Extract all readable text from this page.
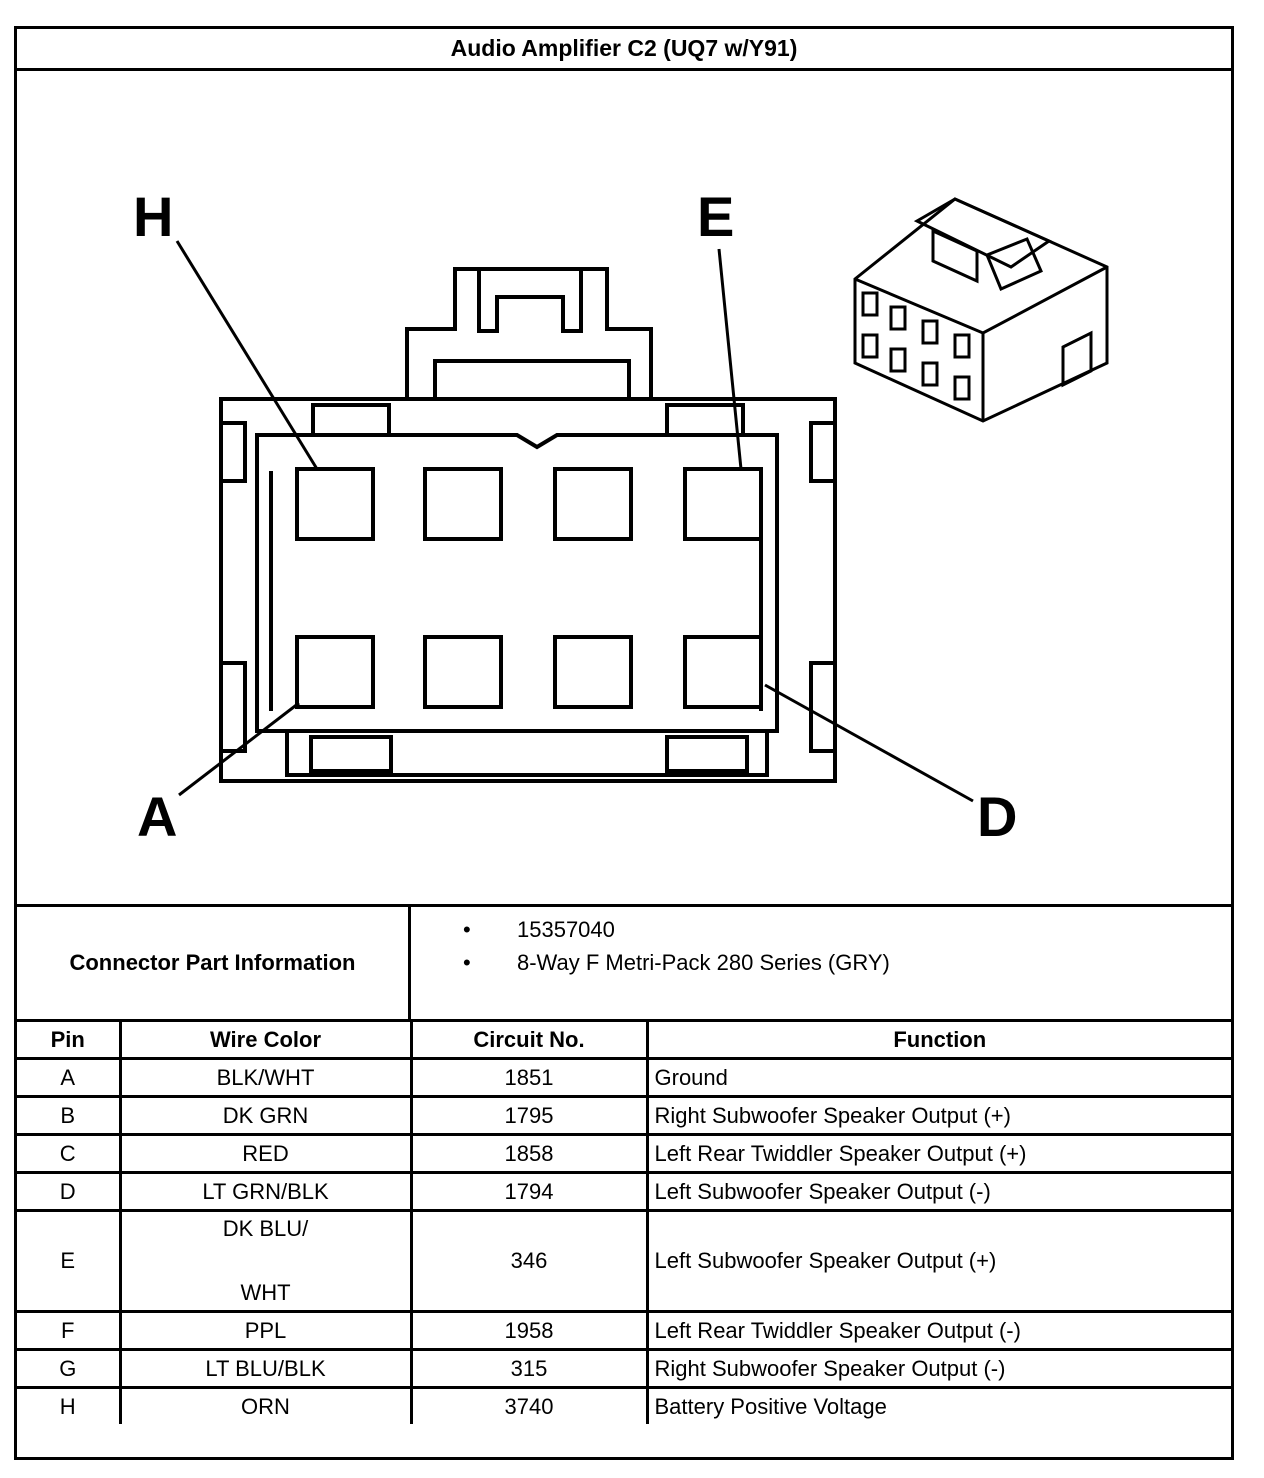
Audio Amplifier C2 (UQ7 w/Y91)
H	E
A	D
Connector Part Information
• 15357040
• 8-Way F Metri-Pack 280 Series (GRY)
Pin	Wire Color	Circuit No.	Function
A	BLK/WHT	1851	Ground
B	DK GRN	1795	Right Subwoofer Speaker Output (+)
C	RED	1858	Left Rear Twiddler Speaker Output (+)
D	LT GRN/BLK	1794	Left Subwoofer Speaker Output (-)
E	DK BLU/
WHT	346	Left Subwoofer Speaker Output (+)
F	PPL	1958	Left Rear Twiddler Speaker Output (-)
G	LT BLU/BLK	315	Right Subwoofer Speaker Output (-)
H	ORN	3740	Battery Positive Voltage
